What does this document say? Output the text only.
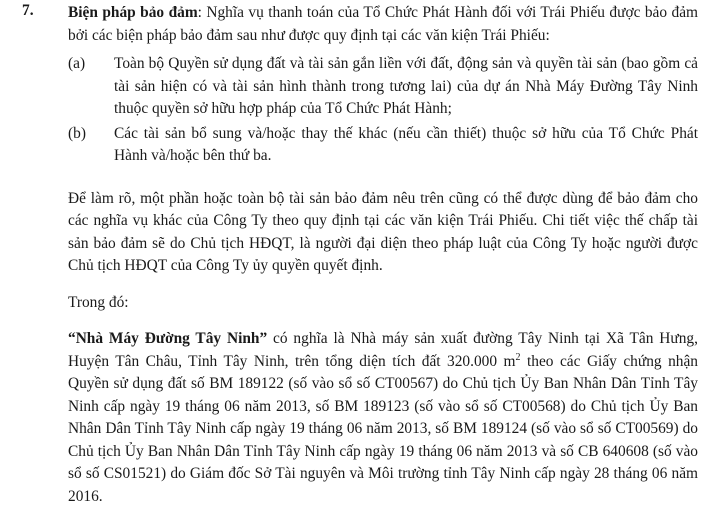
7. Biện pháp bảo đảm: Nghĩa vụ thanh toán của Tổ Chức Phát Hành đối với Trái Phiếu được bảo đảm bởi các biện pháp bảo đảm sau như được quy định tại các văn kiện Trái Phiếu:

(a) Toàn bộ Quyền sử dụng đất và tài sản gắn liền với đất, động sản và quyền tài sản (bao gồm cả tài sản hiện có và tài sản hình thành trong tương lai) của dự án Nhà Máy Đường Tây Ninh thuộc quyền sở hữu hợp pháp của Tổ Chức Phát Hành;

(b) Các tài sản bổ sung và/hoặc thay thế khác (nếu cần thiết) thuộc sở hữu của Tổ Chức Phát Hành và/hoặc bên thứ ba.

Để làm rõ, một phần hoặc toàn bộ tài sản bảo đảm nêu trên cũng có thể được dùng để bảo đảm cho các nghĩa vụ khác của Công Ty theo quy định tại các văn kiện Trái Phiếu. Chi tiết việc thế chấp tài sản bảo đảm sẽ do Chủ tịch HĐQT, là người đại diện theo pháp luật của Công Ty hoặc người được Chủ tịch HĐQT của Công Ty ủy quyền quyết định.

Trong đó:

“Nhà Máy Đường Tây Ninh” có nghĩa là Nhà máy sản xuất đường Tây Ninh tại Xã Tân Hưng, Huyện Tân Châu, Tỉnh Tây Ninh, trên tổng diện tích đất 320.000 $m^2$ theo các Giấy chứng nhận Quyền sử dụng đất số BM 189122 (số vào sổ số CT00567) do Chủ tịch Ủy Ban Nhân Dân Tỉnh Tây Ninh cấp ngày 19 tháng 06 năm 2013, số BM 189123 (số vào sổ số CT00568) do Chủ tịch Ủy Ban Nhân Dân Tỉnh Tây Ninh cấp ngày 19 tháng 06 năm 2013, số BM 189124 (số vào sổ số CT00569) do Chủ tịch Ủy Ban Nhân Dân Tỉnh Tây Ninh cấp ngày 19 tháng 06 năm 2013 và số CB 640608 (số vào sổ số CS01521) do Giám đốc Sở Tài nguyên và Môi trường tỉnh Tây Ninh cấp ngày 28 tháng 06 năm 2016.
